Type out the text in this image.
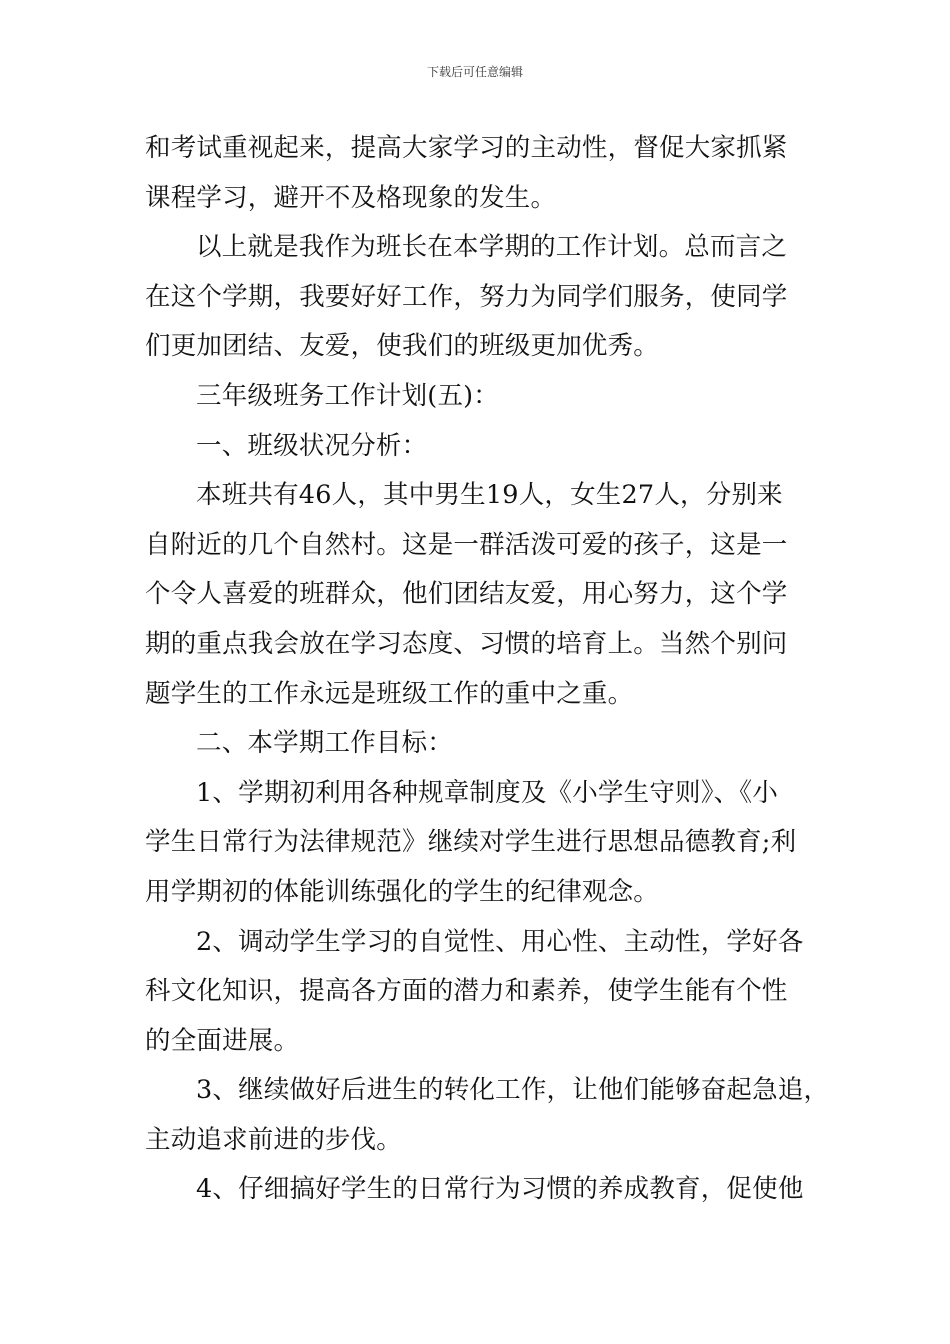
下载后可任意编辑
和考试重视起来，提高大家学习的主动性，督促大家抓紧
课程学习，避开不及格现象的发生。
以上就是我作为班长在本学期的工作计划。总而言之
在这个学期，我要好好工作，努力为同学们服务，使同学
们更加团结、友爱，使我们的班级更加优秀。
三年级班务工作计划(五)：
一、班级状况分析：
本班共有46人，其中男生19人，女生27人，分别来
自附近的几个自然村。这是一群活泼可爱的孩子，这是一
个令人喜爱的班群众，他们团结友爱，用心努力，这个学
期的重点我会放在学习态度、习惯的培育上。当然个别问
题学生的工作永远是班级工作的重中之重。
二、本学期工作目标：
1、学期初利用各种规章制度及《小学生守则》、《小
学生日常行为法律规范》继续对学生进行思想品德教育;利
用学期初的体能训练强化的学生的纪律观念。
2、调动学生学习的自觉性、用心性、主动性，学好各
科文化知识，提高各方面的潜力和素养，使学生能有个性
的全面进展。
3、继续做好后进生的转化工作，让他们能够奋起急追，
主动追求前进的步伐。
4、仔细搞好学生的日常行为习惯的养成教育，促使他
